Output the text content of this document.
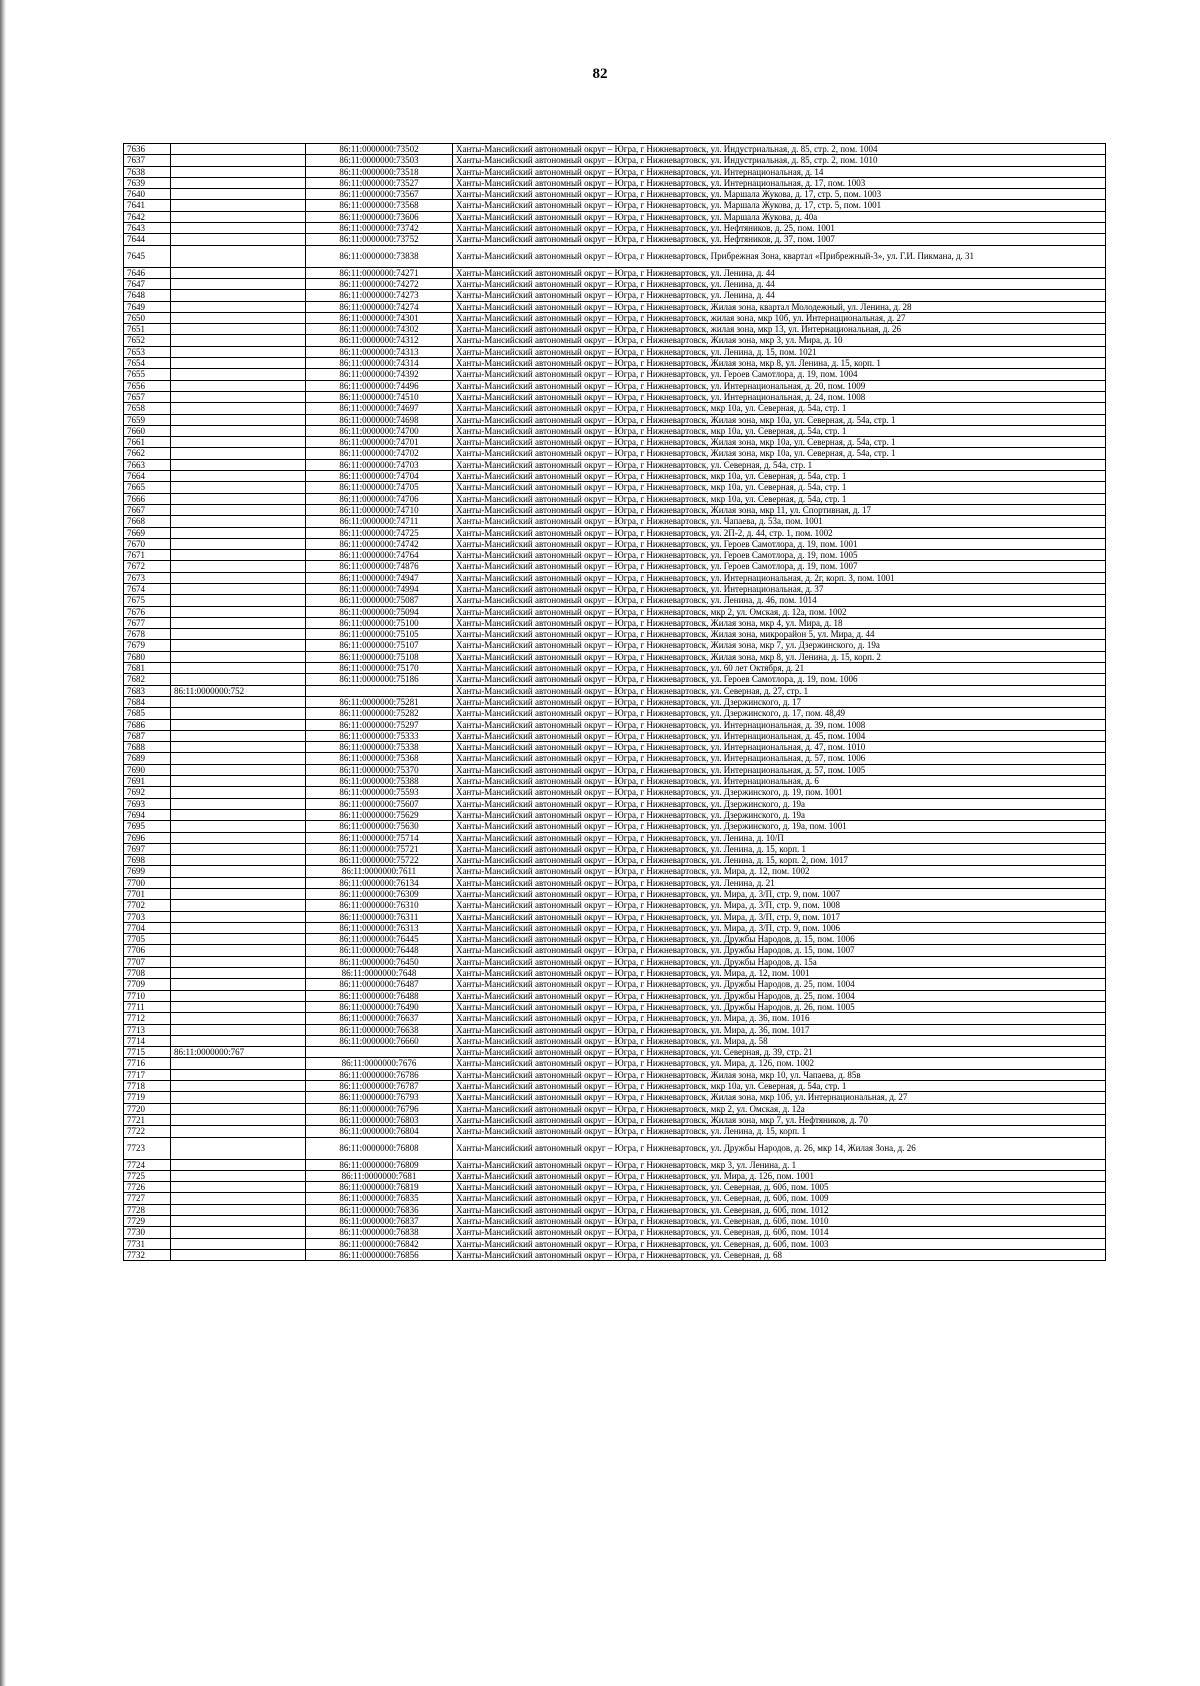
82
7636		86:11:0000000:73502	Ханты-Мансийский автономный округ – Югра, г Нижневартовск, ул. Индустриальная, д. 85, стр. 2, пом. 1004
7637		86:11:0000000:73503	Ханты-Мансийский автономный округ – Югра, г Нижневартовск, ул. Индустриальная, д. 85, стр. 2, пом. 1010
7638		86:11:0000000:73518	Ханты-Мансийский автономный округ – Югра, г Нижневартовск, ул. Интернациональная, д. 14
7639		86:11:0000000:73527	Ханты-Мансийский автономный округ – Югра, г Нижневартовск, ул. Интернациональная, д. 17, пом. 1003
7640		86:11:0000000:73567	Ханты-Мансийский автономный округ – Югра, г Нижневартовск, ул. Маршала Жукова, д. 17, стр. 5, пом. 1003
7641		86:11:0000000:73568	Ханты-Мансийский автономный округ – Югра, г Нижневартовск, ул. Маршала Жукова, д. 17, стр. 5, пом. 1001
7642		86:11:0000000:73606	Ханты-Мансийский автономный округ – Югра, г Нижневартовск, ул. Маршала Жукова, д. 40а
7643		86:11:0000000:73742	Ханты-Мансийский автономный округ – Югра, г Нижневартовск, ул. Нефтяников, д. 25, пом. 1001
7644		86:11:0000000:73752	Ханты-Мансийский автономный округ – Югра, г Нижневартовск, ул. Нефтяников, д. 37, пом. 1007
7645		86:11:0000000:73838	Ханты-Мансийский автономный округ – Югра, г Нижневартовск, Прибрежная Зона, квартал «Прибрежный-3», ул. Г.И. Пикмана, д. 31
7646		86:11:0000000:74271	Ханты-Мансийский автономный округ – Югра, г Нижневартовск, ул. Ленина, д. 44
7647		86:11:0000000:74272	Ханты-Мансийский автономный округ – Югра, г Нижневартовск, ул. Ленина, д. 44
7648		86:11:0000000:74273	Ханты-Мансийский автономный округ – Югра, г Нижневартовск, ул. Ленина, д. 44
7649		86:11:0000000:74274	Ханты-Мансийский автономный округ – Югра, г Нижневартовск, Жилая зона, квартал Молодежный, ул. Ленина, д. 28
7650		86:11:0000000:74301	Ханты-Мансийский автономный округ – Югра, г Нижневартовск, жилая зона, мкр 10б, ул. Интернациональная, д. 27
7651		86:11:0000000:74302	Ханты-Мансийский автономный округ – Югра, г Нижневартовск, жилая зона, мкр 13, ул. Интернациональная, д. 26
7652		86:11:0000000:74312	Ханты-Мансийский автономный округ – Югра, г Нижневартовск, Жилая зона, мкр 3, ул. Мира, д. 10
7653		86:11:0000000:74313	Ханты-Мансийский автономный округ – Югра, г Нижневартовск, ул. Ленина, д. 15, пом. 1021
7654		86:11:0000000:74314	Ханты-Мансийский автономный округ – Югра, г Нижневартовск, Жилая зона, мкр 8, ул. Ленина, д. 15, корп. 1
7655		86:11:0000000:74392	Ханты-Мансийский автономный округ – Югра, г Нижневартовск, ул. Героев Самотлора, д. 19, пом. 1004
7656		86:11:0000000:74496	Ханты-Мансийский автономный округ – Югра, г Нижневартовск, ул. Интернациональная, д. 20, пом. 1009
7657		86:11:0000000:74510	Ханты-Мансийский автономный округ – Югра, г Нижневартовск, ул. Интернациональная, д. 24, пом. 1008
7658		86:11:0000000:74697	Ханты-Мансийский автономный округ – Югра, г Нижневартовск, мкр 10а, ул. Северная, д. 54а, стр. 1
7659		86:11:0000000:74698	Ханты-Мансийский автономный округ – Югра, г Нижневартовск, Жилая зона, мкр 10а, ул. Северная, д. 54а, стр. 1
7660		86:11:0000000:74700	Ханты-Мансийский автономный округ – Югра, г Нижневартовск, мкр 10а, ул. Северная, д. 54а, стр. 1
7661		86:11:0000000:74701	Ханты-Мансийский автономный округ – Югра, г Нижневартовск, Жилая зона, мкр 10а, ул. Северная, д. 54а, стр. 1
7662		86:11:0000000:74702	Ханты-Мансийский автономный округ – Югра, г Нижневартовск, Жилая зона, мкр 10а, ул. Северная, д. 54а, стр. 1
7663		86:11:0000000:74703	Ханты-Мансийский автономный округ – Югра, г Нижневартовск, ул. Северная, д. 54а, стр. 1
7664		86:11:0000000:74704	Ханты-Мансийский автономный округ – Югра, г Нижневартовск, мкр 10а, ул. Северная, д. 54а, стр. 1
7665		86:11:0000000:74705	Ханты-Мансийский автономный округ – Югра, г Нижневартовск, мкр 10а, ул. Северная, д. 54а, стр. 1
7666		86:11:0000000:74706	Ханты-Мансийский автономный округ – Югра, г Нижневартовск, мкр 10а, ул. Северная, д. 54а, стр. 1
7667		86:11:0000000:74710	Ханты-Мансийский автономный округ – Югра, г Нижневартовск, Жилая зона, мкр 11, ул. Спортивная, д. 17
7668		86:11:0000000:74711	Ханты-Мансийский автономный округ – Югра, г Нижневартовск, ул. Чапаева, д. 53а, пом. 1001
7669		86:11:0000000:74725	Ханты-Мансийский автономный округ – Югра, г Нижневартовск, ул. 2П-2, д. 44, стр. 1, пом. 1002
7670		86:11:0000000:74742	Ханты-Мансийский автономный округ – Югра, г Нижневартовск, ул. Героев Самотлора, д. 19, пом. 1001
7671		86:11:0000000:74764	Ханты-Мансийский автономный округ – Югра, г Нижневартовск, ул. Героев Самотлора, д. 19, пом. 1005
7672		86:11:0000000:74876	Ханты-Мансийский автономный округ – Югра, г Нижневартовск, ул. Героев Самотлора, д. 19, пом. 1007
7673		86:11:0000000:74947	Ханты-Мансийский автономный округ – Югра, г Нижневартовск, ул. Интернациональная, д. 2г, корп. 3, пом. 1001
7674		86:11:0000000:74994	Ханты-Мансийский автономный округ – Югра, г Нижневартовск, ул. Интернациональная, д. 37
7675		86:11:0000000:75087	Ханты-Мансийский автономный округ – Югра, г Нижневартовск, ул. Ленина, д. 46, пом. 1014
7676		86:11:0000000:75094	Ханты-Мансийский автономный округ – Югра, г Нижневартовск, мкр 2, ул. Омская, д. 12а, пом. 1002
7677		86:11:0000000:75100	Ханты-Мансийский автономный округ – Югра, г Нижневартовск, Жилая зона, мкр 4, ул. Мира, д. 18
7678		86:11:0000000:75105	Ханты-Мансийский автономный округ – Югра, г Нижневартовск, Жилая зона, микрорайон 5, ул. Мира, д. 44
7679		86:11:0000000:75107	Ханты-Мансийский автономный округ – Югра, г Нижневартовск, Жилая зона, мкр 7, ул. Дзержинского, д. 19а
7680		86:11:0000000:75108	Ханты-Мансийский автономный округ – Югра, г Нижневартовск, Жилая зона, мкр 8, ул. Ленина, д. 15, корп. 2
7681		86:11:0000000:75170	Ханты-Мансийский автономный округ – Югра, г Нижневартовск, ул. 60 лет Октября, д. 21
7682		86:11:0000000:75186	Ханты-Мансийский автономный округ – Югра, г Нижневартовск, ул. Героев Самотлора, д. 19, пом. 1006
7683	86:11:0000000:752		Ханты-Мансийский автономный округ – Югра, г Нижневартовск, ул. Северная, д. 27, стр. 1
7684		86:11:0000000:75281	Ханты-Мансийский автономный округ – Югра, г Нижневартовск, ул. Дзержинского, д. 17
7685		86:11:0000000:75282	Ханты-Мансийский автономный округ – Югра, г Нижневартовск, ул. Дзержинского, д. 17, пом. 48,49
7686		86:11:0000000:75297	Ханты-Мансийский автономный округ – Югра, г Нижневартовск, ул. Интернациональная, д. 39, пом. 1008
7687		86:11:0000000:75333	Ханты-Мансийский автономный округ – Югра, г Нижневартовск, ул. Интернациональная, д. 45, пом. 1004
7688		86:11:0000000:75338	Ханты-Мансийский автономный округ – Югра, г Нижневартовск, ул. Интернациональная, д. 47, пом. 1010
7689		86:11:0000000:75368	Ханты-Мансийский автономный округ – Югра, г Нижневартовск, ул. Интернациональная, д. 57, пом. 1006
7690		86:11:0000000:75370	Ханты-Мансийский автономный округ – Югра, г Нижневартовск, ул. Интернациональная, д. 57, пом. 1005
7691		86:11:0000000:75388	Ханты-Мансийский автономный округ – Югра, г Нижневартовск, ул. Интернациональная, д. 6
7692		86:11:0000000:75593	Ханты-Мансийский автономный округ – Югра, г Нижневартовск, ул. Дзержинского, д. 19, пом. 1001
7693		86:11:0000000:75607	Ханты-Мансийский автономный округ – Югра, г Нижневартовск, ул. Дзержинского, д. 19а
7694		86:11:0000000:75629	Ханты-Мансийский автономный округ – Югра, г Нижневартовск, ул. Дзержинского, д. 19а
7695		86:11:0000000:75630	Ханты-Мансийский автономный округ – Югра, г Нижневартовск, ул. Дзержинского, д. 19а, пом. 1001
7696		86:11:0000000:75714	Ханты-Мансийский автономный округ – Югра, г Нижневартовск, ул. Ленина, д. 10/П
7697		86:11:0000000:75721	Ханты-Мансийский автономный округ – Югра, г Нижневартовск, ул. Ленина, д. 15, корп. 1
7698		86:11:0000000:75722	Ханты-Мансийский автономный округ – Югра, г Нижневартовск, ул. Ленина, д. 15, корп. 2, пом. 1017
7699		86:11:0000000:7611	Ханты-Мансийский автономный округ – Югра, г Нижневартовск, ул. Мира, д. 12, пом. 1002
7700		86:11:0000000:76134	Ханты-Мансийский автономный округ – Югра, г Нижневартовск, ул. Ленина, д. 21
7701		86:11:0000000:76309	Ханты-Мансийский автономный округ – Югра, г Нижневартовск, ул. Мира, д. 3/П, стр. 9, пом. 1007
7702		86:11:0000000:76310	Ханты-Мансийский автономный округ – Югра, г Нижневартовск, ул. Мира, д. 3/П, стр. 9, пом. 1008
7703		86:11:0000000:76311	Ханты-Мансийский автономный округ – Югра, г Нижневартовск, ул. Мира, д. 3/П, стр. 9, пом. 1017
7704		86:11:0000000:76313	Ханты-Мансийский автономный округ – Югра, г Нижневартовск, ул. Мира, д. 3/П, стр. 9, пом. 1006
7705		86:11:0000000:76445	Ханты-Мансийский автономный округ – Югра, г Нижневартовск, ул. Дружбы Народов, д. 15, пом. 1006
7706		86:11:0000000:76448	Ханты-Мансийский автономный округ – Югра, г Нижневартовск, ул. Дружбы Народов, д. 15, пом. 1007
7707		86:11:0000000:76450	Ханты-Мансийский автономный округ – Югра, г Нижневартовск, ул. Дружбы Народов, д. 15а
7708		86:11:0000000:7648	Ханты-Мансийский автономный округ – Югра, г Нижневартовск, ул. Мира, д. 12, пом. 1001
7709		86:11:0000000:76487	Ханты-Мансийский автономный округ – Югра, г Нижневартовск, ул. Дружбы Народов, д. 25, пом. 1004
7710		86:11:0000000:76488	Ханты-Мансийский автономный округ – Югра, г Нижневартовск, ул. Дружбы Народов, д. 25, пом. 1004
7711		86:11:0000000:76490	Ханты-Мансийский автономный округ – Югра, г Нижневартовск, ул. Дружбы Народов, д. 26, пом. 1005
7712		86:11:0000000:76637	Ханты-Мансийский автономный округ – Югра, г Нижневартовск, ул. Мира, д. 36, пом. 1016
7713		86:11:0000000:76638	Ханты-Мансийский автономный округ – Югра, г Нижневартовск, ул. Мира, д. 36, пом. 1017
7714		86:11:0000000:76660	Ханты-Мансийский автономный округ – Югра, г Нижневартовск, ул. Мира, д. 58
7715	86:11:0000000:767		Ханты-Мансийский автономный округ – Югра, г Нижневартовск, ул. Северная, д. 39, стр. 21
7716		86:11:0000000:7676	Ханты-Мансийский автономный округ – Югра, г Нижневартовск, ул. Мира, д. 126, пом. 1002
7717		86:11:0000000:76786	Ханты-Мансийский автономный округ – Югра, г Нижневартовск, Жилая зона, мкр 10, ул. Чапаева, д. 85в
7718		86:11:0000000:76787	Ханты-Мансийский автономный округ – Югра, г Нижневартовск, мкр 10а, ул. Северная, д. 54а, стр. 1
7719		86:11:0000000:76793	Ханты-Мансийский автономный округ – Югра, г Нижневартовск, Жилая зона, мкр 10б, ул. Интернациональная, д. 27
7720		86:11:0000000:76796	Ханты-Мансийский автономный округ – Югра, г Нижневартовск, мкр 2, ул. Омская, д. 12а
7721		86:11:0000000:76803	Ханты-Мансийский автономный округ – Югра, г Нижневартовск, Жилая зона, мкр 7, ул. Нефтяников, д. 70
7722		86:11:0000000:76804	Ханты-Мансийский автономный округ – Югра, г Нижневартовск, ул. Ленина, д. 15, корп. 1
7723		86:11:0000000:76808	Ханты-Мансийский автономный округ – Югра, г Нижневартовск, ул. Дружбы Народов, д. 26, мкр 14, Жилая Зона, д. 26
7724		86:11:0000000:76809	Ханты-Мансийский автономный округ – Югра, г Нижневартовск, мкр 3, ул. Ленина, д. 1
7725		86:11:0000000:7681	Ханты-Мансийский автономный округ – Югра, г Нижневартовск, ул. Мира, д. 126, пом. 1001
7726		86:11:0000000:76819	Ханты-Мансийский автономный округ – Югра, г Нижневартовск, ул. Северная, д. 60б, пом. 1005
7727		86:11:0000000:76835	Ханты-Мансийский автономный округ – Югра, г Нижневартовск, ул. Северная, д. 60б, пом. 1009
7728		86:11:0000000:76836	Ханты-Мансийский автономный округ – Югра, г Нижневартовск, ул. Северная, д. 60б, пом. 1012
7729		86:11:0000000:76837	Ханты-Мансийский автономный округ – Югра, г Нижневартовск, ул. Северная, д. 60б, пом. 1010
7730		86:11:0000000:76838	Ханты-Мансийский автономный округ – Югра, г Нижневартовск, ул. Северная, д. 60б, пом. 1014
7731		86:11:0000000:76842	Ханты-Мансийский автономный округ – Югра, г Нижневартовск, ул. Северная, д. 60б, пом. 1003
7732		86:11:0000000:76856	Ханты-Мансийский автономный округ – Югра, г Нижневартовск, ул. Северная, д. 68
